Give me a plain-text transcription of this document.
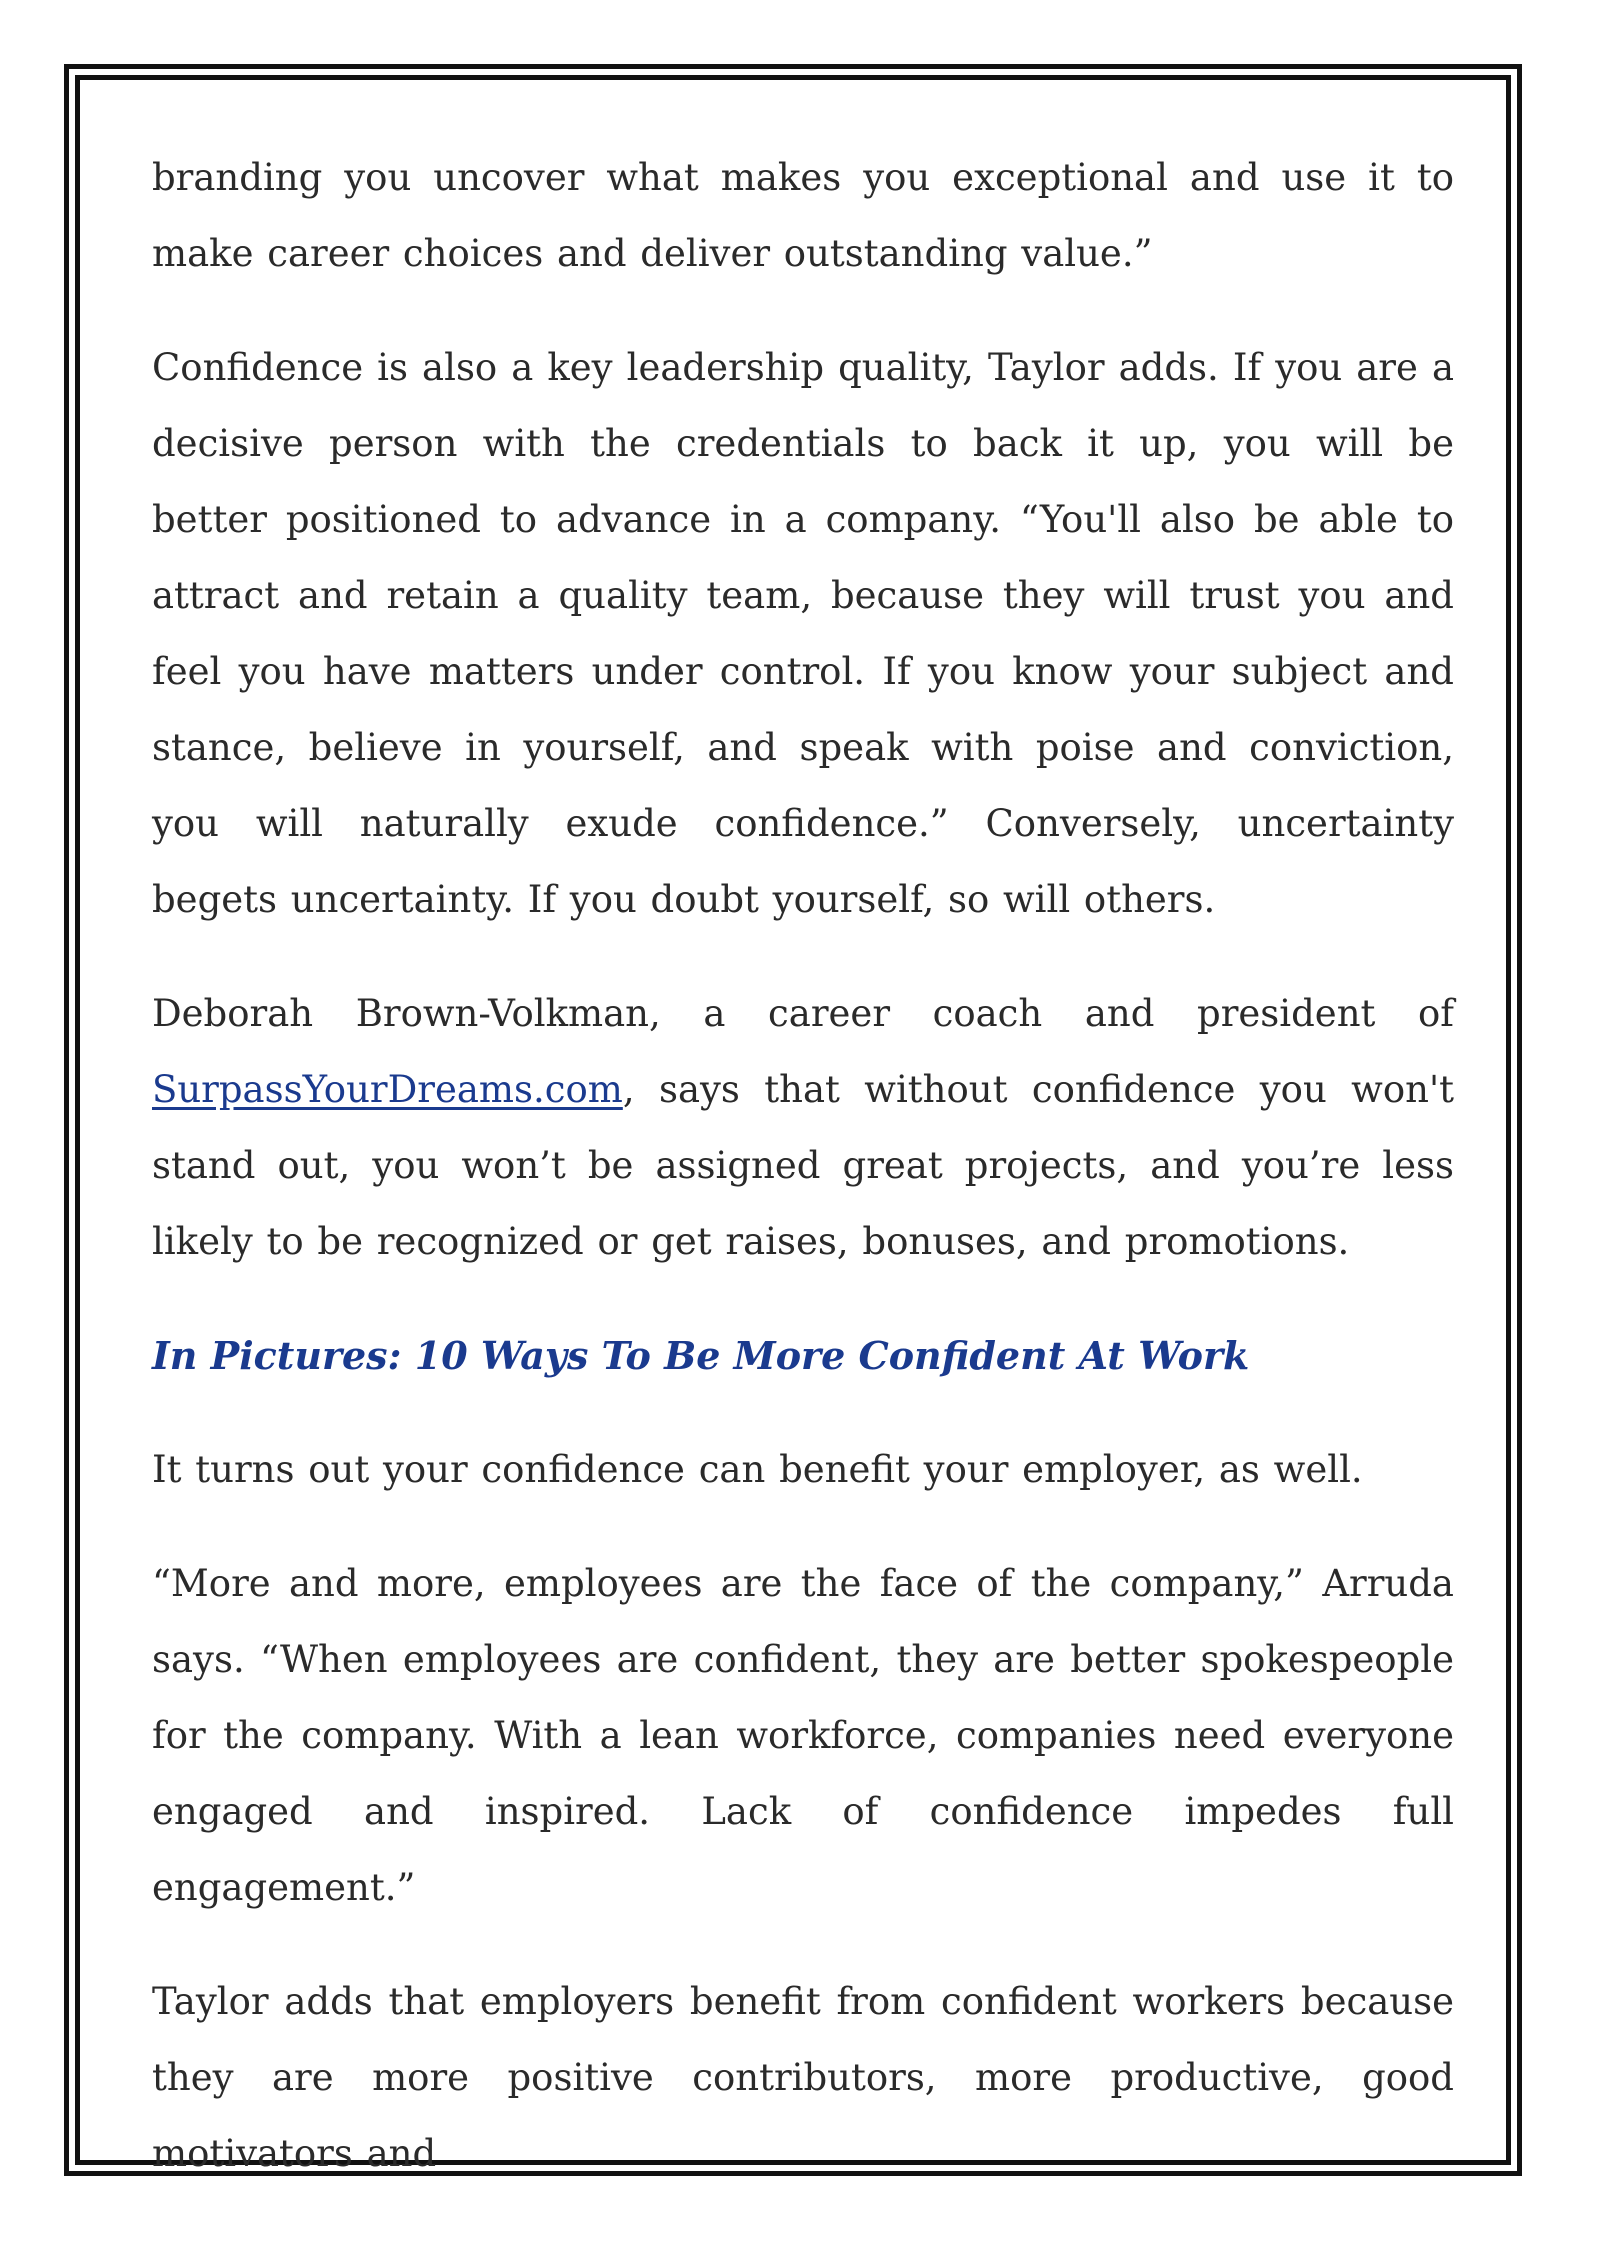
branding you uncover what makes you exceptional and use it to make career choices and deliver outstanding value.”

Confidence is also a key leadership quality, Taylor adds. If you are a decisive person with the credentials to back it up, you will be better positioned to advance in a company. “You'll also be able to attract and retain a quality team, because they will trust you and feel you have matters under control. If you know your subject and stance, believe in yourself, and speak with poise and conviction, you will naturally exude confidence.” Conversely, uncertainty begets uncertainty. If you doubt yourself, so will others.

Deborah Brown-Volkman, a career coach and president of SurpassYourDreams.com, says that without confidence you won't stand out, you won’t be assigned great projects, and you’re less likely to be recognized or get raises, bonuses, and promotions.

In Pictures: 10 Ways To Be More Confident At Work

It turns out your confidence can benefit your employer, as well.

“More and more, employees are the face of the company,” Arruda says. “When employees are confident, they are better spokespeople for the company. With a lean workforce, companies need everyone engaged and inspired. Lack of confidence impedes full engagement.”

Taylor adds that employers benefit from confident workers because they are more positive contributors, more productive, good motivators and
